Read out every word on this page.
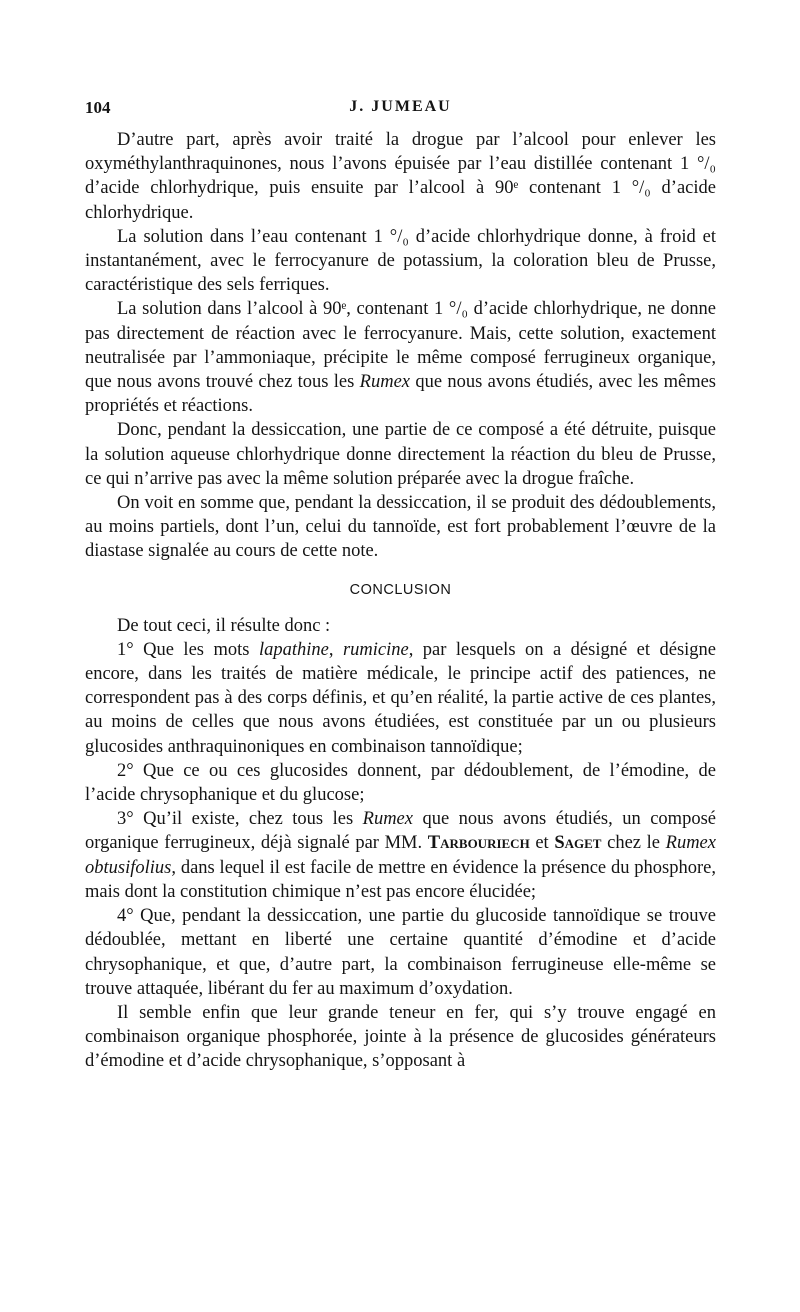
104	J. JUMEAU

D’autre part, après avoir traité la drogue par l’alcool pour enlever les oxyméthylanthraquinones, nous l’avons épuisée par l’eau distillée contenant 1 °/₀ d’acide chlorhydrique, puis ensuite par l’alcool à 90ᵉ contenant 1 °/₀ d’acide chlorhydrique.

La solution dans l’eau contenant 1 °/₀ d’acide chlorhydrique donne, à froid et instantanément, avec le ferrocyanure de potassium, la coloration bleu de Prusse, caractéristique des sels ferriques.

La solution dans l’alcool à 90ᵉ, contenant 1 °/₀ d’acide chlorhydrique, ne donne pas directement de réaction avec le ferrocyanure. Mais, cette solution, exactement neutralisée par l’ammoniaque, précipite le même composé ferrugineux organique, que nous avons trouvé chez tous les Rumex que nous avons étudiés, avec les mêmes propriétés et réactions.

Donc, pendant la dessiccation, une partie de ce composé a été détruite, puisque la solution aqueuse chlorhydrique donne directement la réaction du bleu de Prusse, ce qui n’arrive pas avec la même solution préparée avec la drogue fraîche.

On voit en somme que, pendant la dessiccation, il se produit des dédoublements, au moins partiels, dont l’un, celui du tannoïde, est fort probablement l’œuvre de la diastase signalée au cours de cette note.

CONCLUSION

De tout ceci, il résulte donc :

1° Que les mots lapathine, rumicine, par lesquels on a désigné et désigne encore, dans les traités de matière médicale, le principe actif des patiences, ne correspondent pas à des corps définis, et qu’en réalité, la partie active de ces plantes, au moins de celles que nous avons étudiées, est constituée par un ou plusieurs glucosides anthraquinoniques en combinaison tannoïdique;

2° Que ce ou ces glucosides donnent, par dédoublement, de l’émodine, de l’acide chrysophanique et du glucose;

3° Qu’il existe, chez tous les Rumex que nous avons étudiés, un composé organique ferrugineux, déjà signalé par MM. Tarbouriech et Saget chez le Rumex obtusifolius, dans lequel il est facile de mettre en évidence la présence du phosphore, mais dont la constitution chimique n’est pas encore élucidée;

4° Que, pendant la dessiccation, une partie du glucoside tannoïdique se trouve dédoublée, mettant en liberté une certaine quantité d’émodine et d’acide chrysophanique, et que, d’autre part, la combinaison ferrugineuse elle-même se trouve attaquée, libérant du fer au maximum d’oxydation.

Il semble enfin que leur grande teneur en fer, qui s’y trouve engagé en combinaison organique phosphorée, jointe à la présence de glucosides générateurs d’émodine et d’acide chrysophanique, s’opposant à
